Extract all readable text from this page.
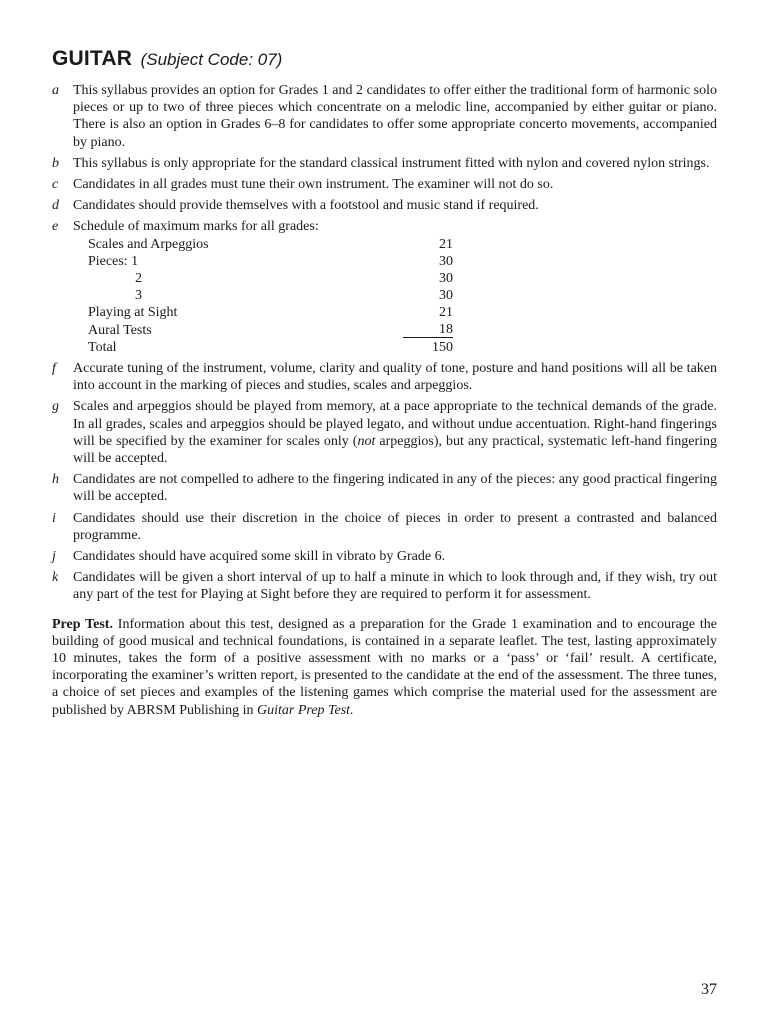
GUITAR (Subject Code: 07)
a This syllabus provides an option for Grades 1 and 2 candidates to offer either the traditional form of harmonic solo pieces or up to two of three pieces which concentrate on a melodic line, accompanied by either guitar or piano. There is also an option in Grades 6–8 for candidates to offer some appropriate concerto movements, accompanied by piano.
b This syllabus is only appropriate for the standard classical instrument fitted with nylon and covered nylon strings.
c Candidates in all grades must tune their own instrument. The examiner will not do so.
d Candidates should provide themselves with a footstool and music stand if required.
e Schedule of maximum marks for all grades:
Scales and Arpeggios	21
Pieces: 1	30
2	30
3	30
Playing at Sight	21
Aural Tests	18
Total	150
f Accurate tuning of the instrument, volume, clarity and quality of tone, posture and hand positions will all be taken into account in the marking of pieces and studies, scales and arpeggios.
g Scales and arpeggios should be played from memory, at a pace appropriate to the technical demands of the grade. In all grades, scales and arpeggios should be played legato, and without undue accentuation. Right-hand fingerings will be specified by the examiner for scales only (not arpeggios), but any practical, systematic left-hand fingering will be accepted.
h Candidates are not compelled to adhere to the fingering indicated in any of the pieces: any good practical fingering will be accepted.
i Candidates should use their discretion in the choice of pieces in order to present a contrasted and balanced programme.
j Candidates should have acquired some skill in vibrato by Grade 6.
k Candidates will be given a short interval of up to half a minute in which to look through and, if they wish, try out any part of the test for Playing at Sight before they are required to perform it for assessment.

Prep Test. Information about this test, designed as a preparation for the Grade 1 examination and to encourage the building of good musical and technical foundations, is contained in a separate leaflet. The test, lasting approximately 10 minutes, takes the form of a positive assessment with no marks or a ‘pass’ or ‘fail’ result. A certificate, incorporating the examiner’s written report, is presented to the candidate at the end of the assessment. The three tunes, a choice of set pieces and examples of the listening games which comprise the material used for the assessment are published by ABRSM Publishing in Guitar Prep Test.

37
